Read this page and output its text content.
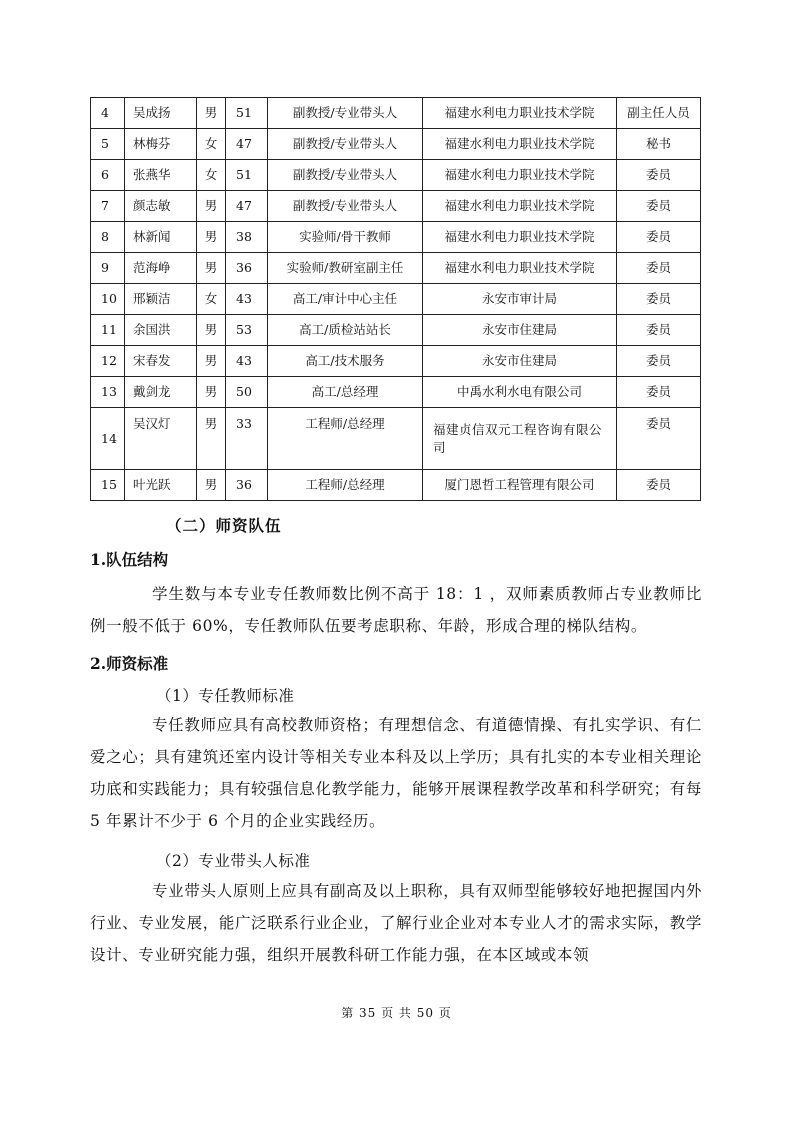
4	吴成扬	男	51	副教授/专业带头人	福建水利电力职业技术学院	副主任人员
5	林梅芬	女	47	副教授/专业带头人	福建水利电力职业技术学院	秘书
6	张燕华	女	51	副教授/专业带头人	福建水利电力职业技术学院	委员
7	颜志敏	男	47	副教授/专业带头人	福建水利电力职业技术学院	委员
8	林新闻	男	38	实验师/骨干教师	福建水利电力职业技术学院	委员
9	范海峥	男	36	实验师/教研室副主任	福建水利电力职业技术学院	委员
10	邢颖洁	女	43	高工/审计中心主任	永安市审计局	委员
11	余国洪	男	53	高工/质检站站长	永安市住建局	委员
12	宋春发	男	43	高工/技术服务	永安市住建局	委员
13	戴剑龙	男	50	高工/总经理	中禹水利水电有限公司	委员
14	吴汉灯	男	33	工程师/总经理	福建贞信双元工程咨询有限公司	委员
15	叶光跃	男	36	工程师/总经理	厦门恩哲工程管理有限公司	委员
（二）师资队伍
1.队伍结构
学生数与本专业专任教师数比例不高于 18：1 ，双师素质教师占专业教师比例一般不低于 60%，专任教师队伍要考虑职称、年龄，形成合理的梯队结构。
2.师资标准
（1）专任教师标准
专任教师应具有高校教师资格；有理想信念、有道德情操、有扎实学识、有仁爱之心；具有建筑还室内设计等相关专业本科及以上学历；具有扎实的本专业相关理论功底和实践能力；具有较强信息化教学能力，能够开展课程教学改革和科学研究；有每 5 年累计不少于 6 个月的企业实践经历。
（2）专业带头人标准
专业带头人原则上应具有副高及以上职称，具有双师型能够较好地把握国内外行业、专业发展，能广泛联系行业企业，了解行业企业对本专业人才的需求实际，教学设计、专业研究能力强，组织开展教科研工作能力强，在本区域或本领
第 35 页 共 50 页
